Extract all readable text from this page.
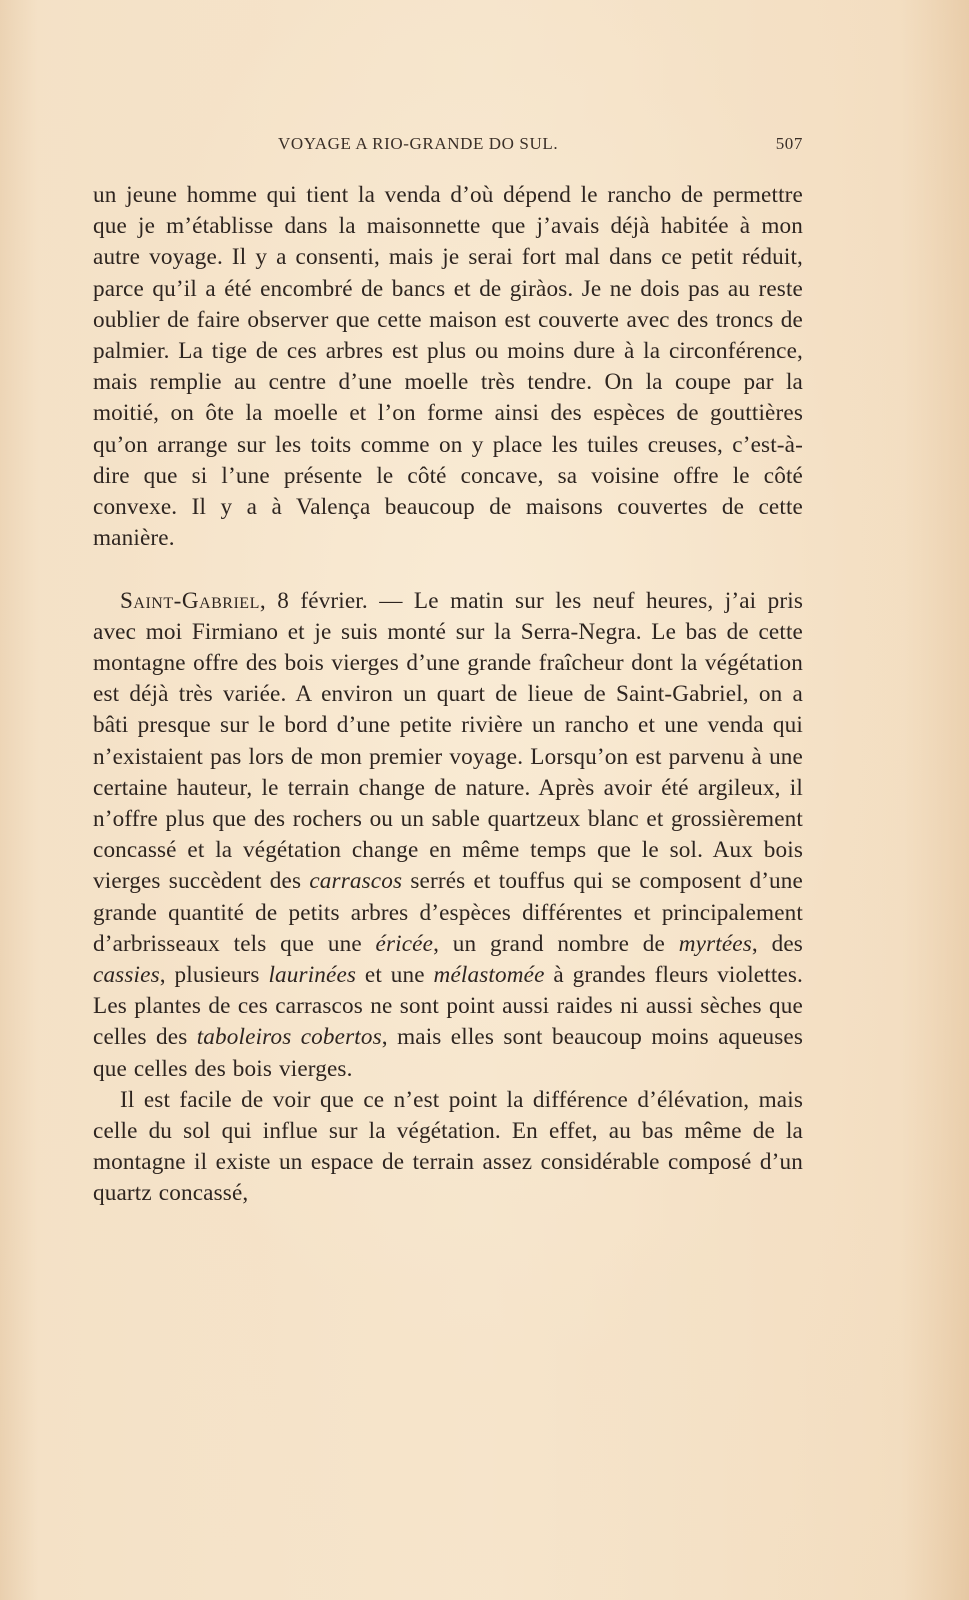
VOYAGE A RIO-GRANDE DO SUL.	507

un jeune homme qui tient la venda d’où dépend le rancho de permettre que je m’établisse dans la maisonnette que j’avais déjà habitée à mon autre voyage. Il y a consenti, mais je serai fort mal dans ce petit réduit, parce qu’il a été encombré de bancs et de giràos. Je ne dois pas au reste oublier de faire observer que cette maison est couverte avec des troncs de palmier. La tige de ces arbres est plus ou moins dure à la circonférence, mais remplie au centre d’une moelle très tendre. On la coupe par la moitié, on ôte la moelle et l’on forme ainsi des espèces de gouttières qu’on arrange sur les toits comme on y place les tuiles creuses, c’est-à-dire que si l’une présente le côté concave, sa voisine offre le côté convexe. Il y a à Valença beaucoup de maisons couvertes de cette manière.

Saint-Gabriel, 8 février. — Le matin sur les neuf heures, j’ai pris avec moi Firmiano et je suis monté sur la Serra-Negra. Le bas de cette montagne offre des bois vierges d’une grande fraîcheur dont la végétation est déjà très variée. A environ un quart de lieue de Saint-Gabriel, on a bâti presque sur le bord d’une petite rivière un rancho et une venda qui n’existaient pas lors de mon premier voyage. Lorsqu’on est parvenu à une certaine hauteur, le terrain change de nature. Après avoir été argileux, il n’offre plus que des rochers ou un sable quartzeux blanc et grossièrement concassé et la végétation change en même temps que le sol. Aux bois vierges succèdent des carrascos serrés et touffus qui se composent d’une grande quantité de petits arbres d’espèces différentes et principalement d’arbrisseaux tels que une éricée, un grand nombre de myrtées, des cassies, plusieurs laurinées et une mélastomée à grandes fleurs violettes. Les plantes de ces carrascos ne sont point aussi raides ni aussi sèches que celles des taboleiros cobertos, mais elles sont beaucoup moins aqueuses que celles des bois vierges.

Il est facile de voir que ce n’est point la différence d’élévation, mais celle du sol qui influe sur la végétation. En effet, au bas même de la montagne il existe un espace de terrain assez considérable composé d’un quartz concassé,
